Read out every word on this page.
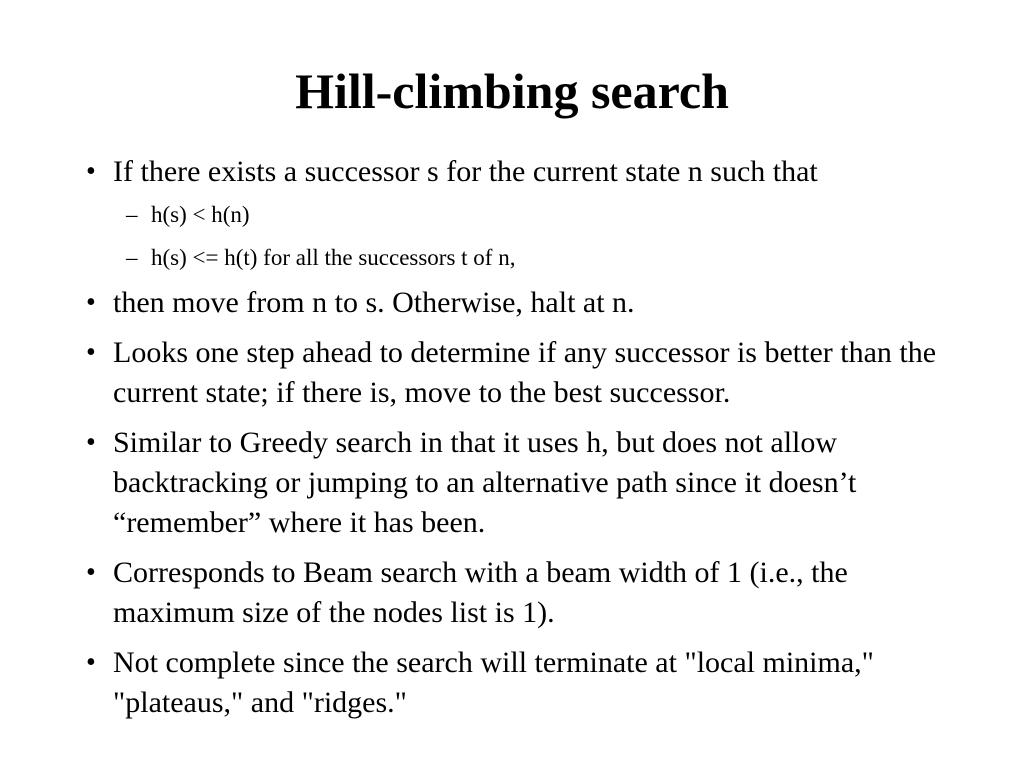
Hill-climbing search

• If there exists a successor s for the current state n such that

– h(s) < h(n)

– h(s) <= h(t) for all the successors t of n,

• then move from n to s. Otherwise, halt at n.

• Looks one step ahead to determine if any successor is better than the current state; if there is, move to the best successor.

• Similar to Greedy search in that it uses h, but does not allow backtracking or jumping to an alternative path since it doesn’t “remember” where it has been.

• Corresponds to Beam search with a beam width of 1 (i.e., the maximum size of the nodes list is 1).

• Not complete since the search will terminate at "local minima," "plateaus," and "ridges."
